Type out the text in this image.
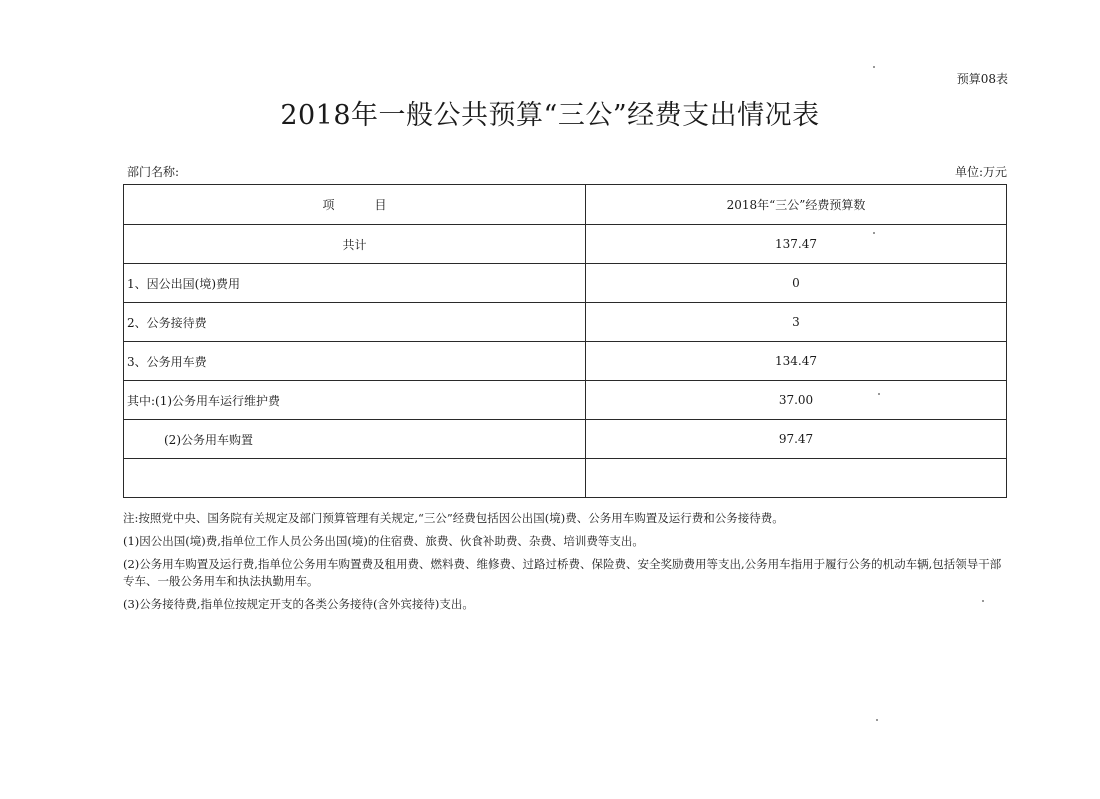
预算08表
2018年一般公共预算“三公”经费支出情况表
部门名称:	单位:万元
项 目	2018年“三公”经费预算数
共计	137.47
1、因公出国(境)费用	0
2、公务接待费	3
3、公务用车费	134.47
其中:(1)公务用车运行维护费	37.00
(2)公务用车购置	97.47

注:按照党中央、国务院有关规定及部门预算管理有关规定,“三公”经费包括因公出国(境)费、公务用车购置及运行费和公务接待费。

(1)因公出国(境)费,指单位工作人员公务出国(境)的住宿费、旅费、伙食补助费、杂费、培训费等支出。

(2)公务用车购置及运行费,指单位公务用车购置费及租用费、燃料费、维修费、过路过桥费、保险费、安全奖励费用等支出,公务用车指用于履行公务的机动车辆,包括领导干部专车、一般公务用车和执法执勤用车。

(3)公务接待费,指单位按规定开支的各类公务接待(含外宾接待)支出。
